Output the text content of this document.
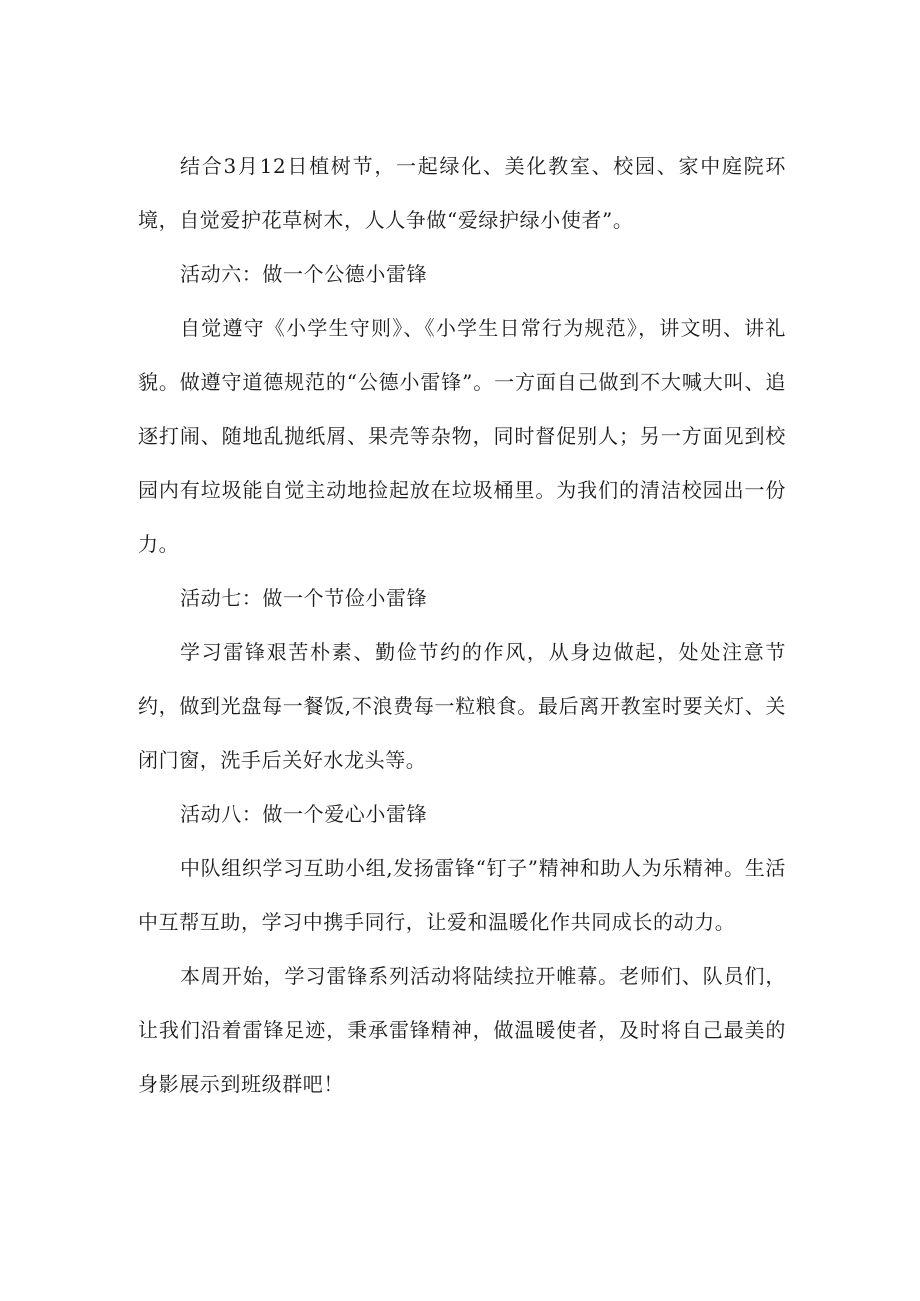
结合3月12日植树节，一起绿化、美化教室、校园、家中庭院环境，自觉爱护花草树木，人人争做“爱绿护绿小使者”。

活动六：做一个公德小雷锋

自觉遵守《小学生守则》、《小学生日常行为规范》，讲文明、讲礼貌。做遵守道德规范的“公德小雷锋”。一方面自己做到不大喊大叫、追逐打闹、随地乱抛纸屑、果壳等杂物，同时督促别人；另一方面见到校园内有垃圾能自觉主动地捡起放在垃圾桶里。为我们的清洁校园出一份力。

活动七：做一个节俭小雷锋

学习雷锋艰苦朴素、勤俭节约的作风，从身边做起，处处注意节约，做到光盘每一餐饭,不浪费每一粒粮食。最后离开教室时要关灯、关闭门窗，洗手后关好水龙头等。

活动八：做一个爱心小雷锋

中队组织学习互助小组,发扬雷锋“钉子”精神和助人为乐精神。生活中互帮互助，学习中携手同行，让爱和温暖化作共同成长的动力。

本周开始，学习雷锋系列活动将陆续拉开帷幕。老师们、队员们，让我们沿着雷锋足迹，秉承雷锋精神，做温暖使者，及时将自己最美的身影展示到班级群吧！
